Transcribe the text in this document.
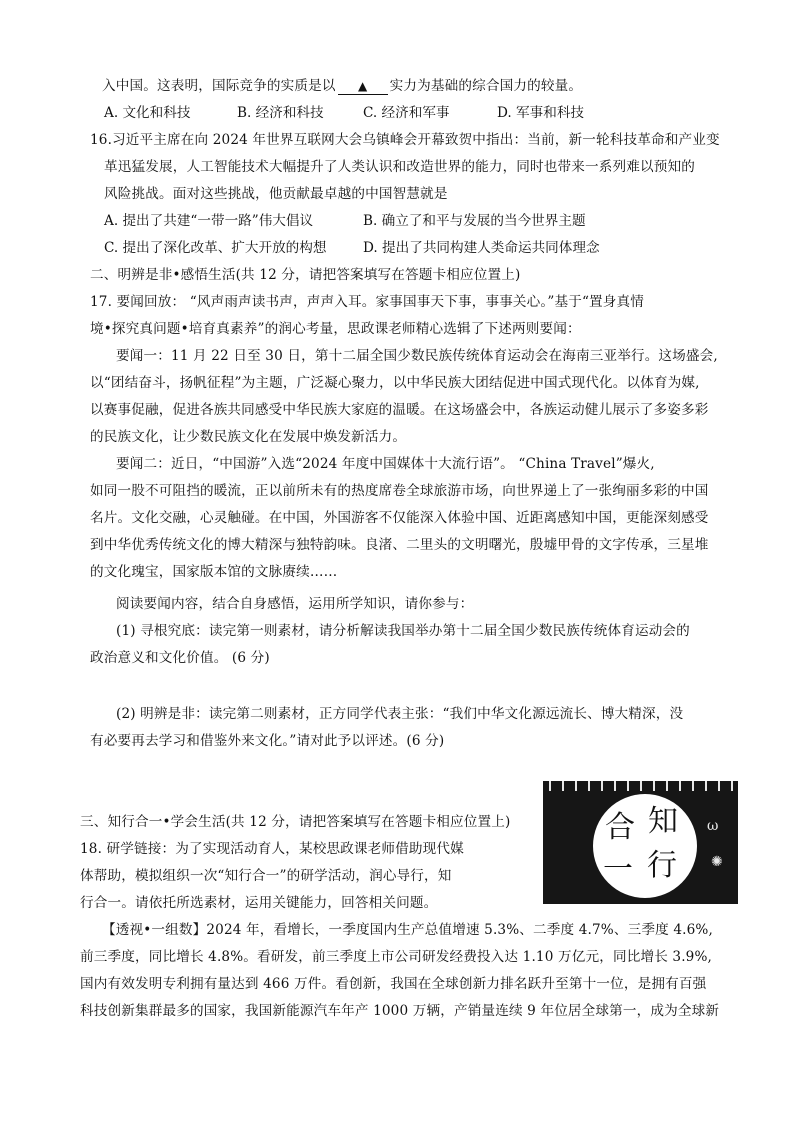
入中国。这表明，国际竞争的实质是以 ▲ 实力为基础的综合国力的较量。
A. 文化和科技	B. 经济和科技	C. 经济和军事	D. 军事和科技
16.习近平主席在向 2024 年世界互联网大会乌镇峰会开幕致贺中指出：当前，新一轮科技革命和产业变
革迅猛发展，人工智能技术大幅提升了人类认识和改造世界的能力，同时也带来一系列难以预知的
风险挑战。面对这些挑战，他贡献最卓越的中国智慧就是
A. 提出了共建“一带一路”伟大倡议	B. 确立了和平与发展的当今世界主题
C. 提出了深化改革、扩大开放的构想	D. 提出了共同构建人类命运共同体理念
二、明辨是非•感悟生活(共 12 分，请把答案填写在答题卡相应位置上)
17. 要闻回放： “风声雨声读书声，声声入耳。家事国事天下事，事事关心。”基于“置身真情
境•探究真问题•培育真素养”的润心考量，思政课老师精心选辑了下述两则要闻：
要闻一：11 月 22 日至 30 日，第十二届全国少数民族传统体育运动会在海南三亚举行。这场盛会,
以“团结奋斗，扬帆征程”为主题，广泛凝心聚力，以中华民族大团结促进中国式现代化。以体育为媒,
以赛事促融，促进各族共同感受中华民族大家庭的温暖。在这场盛会中，各族运动健儿展示了多姿多彩
的民族文化，让少数民族文化在发展中焕发新活力。
要闻二：近日，“中国游”入选“2024 年度中国媒体十大流行语”。 “China Travel”爆火,
如同一股不可阻挡的暖流，正以前所未有的热度席卷全球旅游市场，向世界递上了一张绚丽多彩的中国
名片。文化交融，心灵触碰。在中国，外国游客不仅能深入体验中国、近距离感知中国，更能深刻感受
到中华优秀传统文化的博大精深与独特韵味。良渚、二里头的文明曙光，殷墟甲骨的文字传承，三星堆
的文化瑰宝，国家版本馆的文脉赓续……
阅读要闻内容，结合自身感悟，运用所学知识，请你参与：
(1) 寻根究底：读完第一则素材，请分析解读我国举办第十二届全国少数民族传统体育运动会的
政治意义和文化价值。 (6 分)
(2) 明辨是非：读完第二则素材，正方同学代表主张：“我们中华文化源远流长、博大精深，没
有必要再去学习和借鉴外来文化。”请对此予以评述。(6 分)
三、知行合一•学会生活(共 12 分，请把答案填写在答题卡相应位置上)
18. 研学链接：为了实现活动育人，某校思政课老师借助现代媒
体帮助，模拟组织一次“知行合一”的研学活动，润心导行，知
行合一。请依托所选素材，运用关键能力，回答相关问题。
【透视•一组数】2024 年，看增长，一季度国内生产总值增速 5.3%、二季度 4.7%、三季度 4.6%,
前三季度，同比增长 4.8%。看研发，前三季度上市公司研发经费投入达 1.10 万亿元，同比增长 3.9%,
国内有效发明专利拥有量达到 466 万件。看创新，我国在全球创新力排名跃升至第十一位，是拥有百强
科技创新集群最多的国家，我国新能源汽车年产 1000 万辆，产销量连续 9 年位居全球第一，成为全球新
合 知
一 行
ω
✺
